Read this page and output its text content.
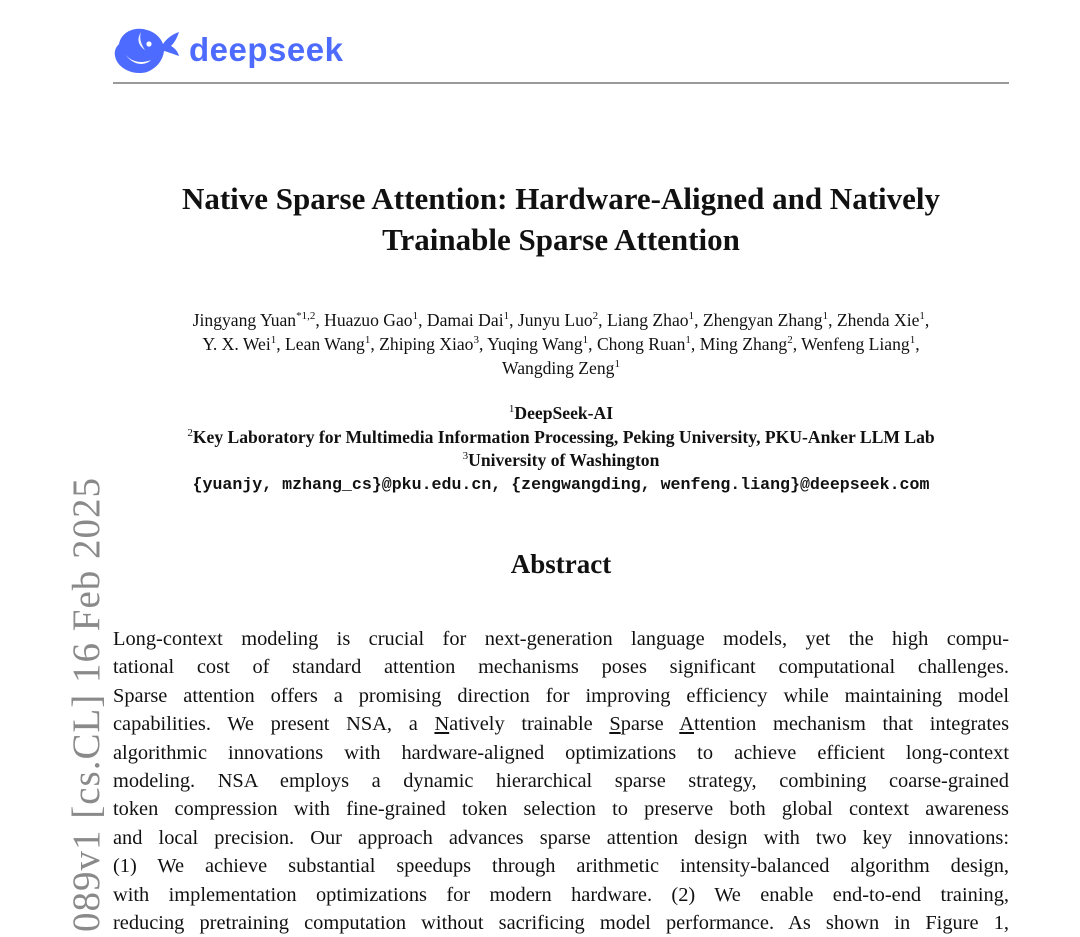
deepseek
Native Sparse Attention: Hardware-Aligned and Natively
Trainable Sparse Attention
Jingyang Yuan$^{*1,2}$, Huazuo Gao$^1$, Damai Dai$^1$, Junyu Luo$^2$, Liang Zhao$^1$, Zhengyan Zhang$^1$, Zhenda Xie$^1$,
Y. X. Wei$^1$, Lean Wang$^1$, Zhiping Xiao$^3$, Yuqing Wang$^1$, Chong Ruan$^1$, Ming Zhang$^2$, Wenfeng Liang$^1$,
Wangding Zeng$^1$
$^1$DeepSeek-AI
$^2$Key Laboratory for Multimedia Information Processing, Peking University, PKU-Anker LLM Lab
$^3$University of Washington
{yuanjy, mzhang_cs}@pku.edu.cn, {zengwangding, wenfeng.liang}@deepseek.com
Abstract
Long-context modeling is crucial for next-generation language models, yet the high compu-
tational cost of standard attention mechanisms poses significant computational challenges.
Sparse attention offers a promising direction for improving efficiency while maintaining model
capabilities. We present NSA, a Natively trainable Sparse Attention mechanism that integrates
algorithmic innovations with hardware-aligned optimizations to achieve efficient long-context
modeling. NSA employs a dynamic hierarchical sparse strategy, combining coarse-grained
token compression with fine-grained token selection to preserve both global context awareness
and local precision. Our approach advances sparse attention design with two key innovations:
(1) We achieve substantial speedups through arithmetic intensity-balanced algorithm design,
with implementation optimizations for modern hardware. (2) We enable end-to-end training,
reducing pretraining computation without sacrificing model performance. As shown in Figure 1,
089v1 [cs.CL] 16 Feb 2025
